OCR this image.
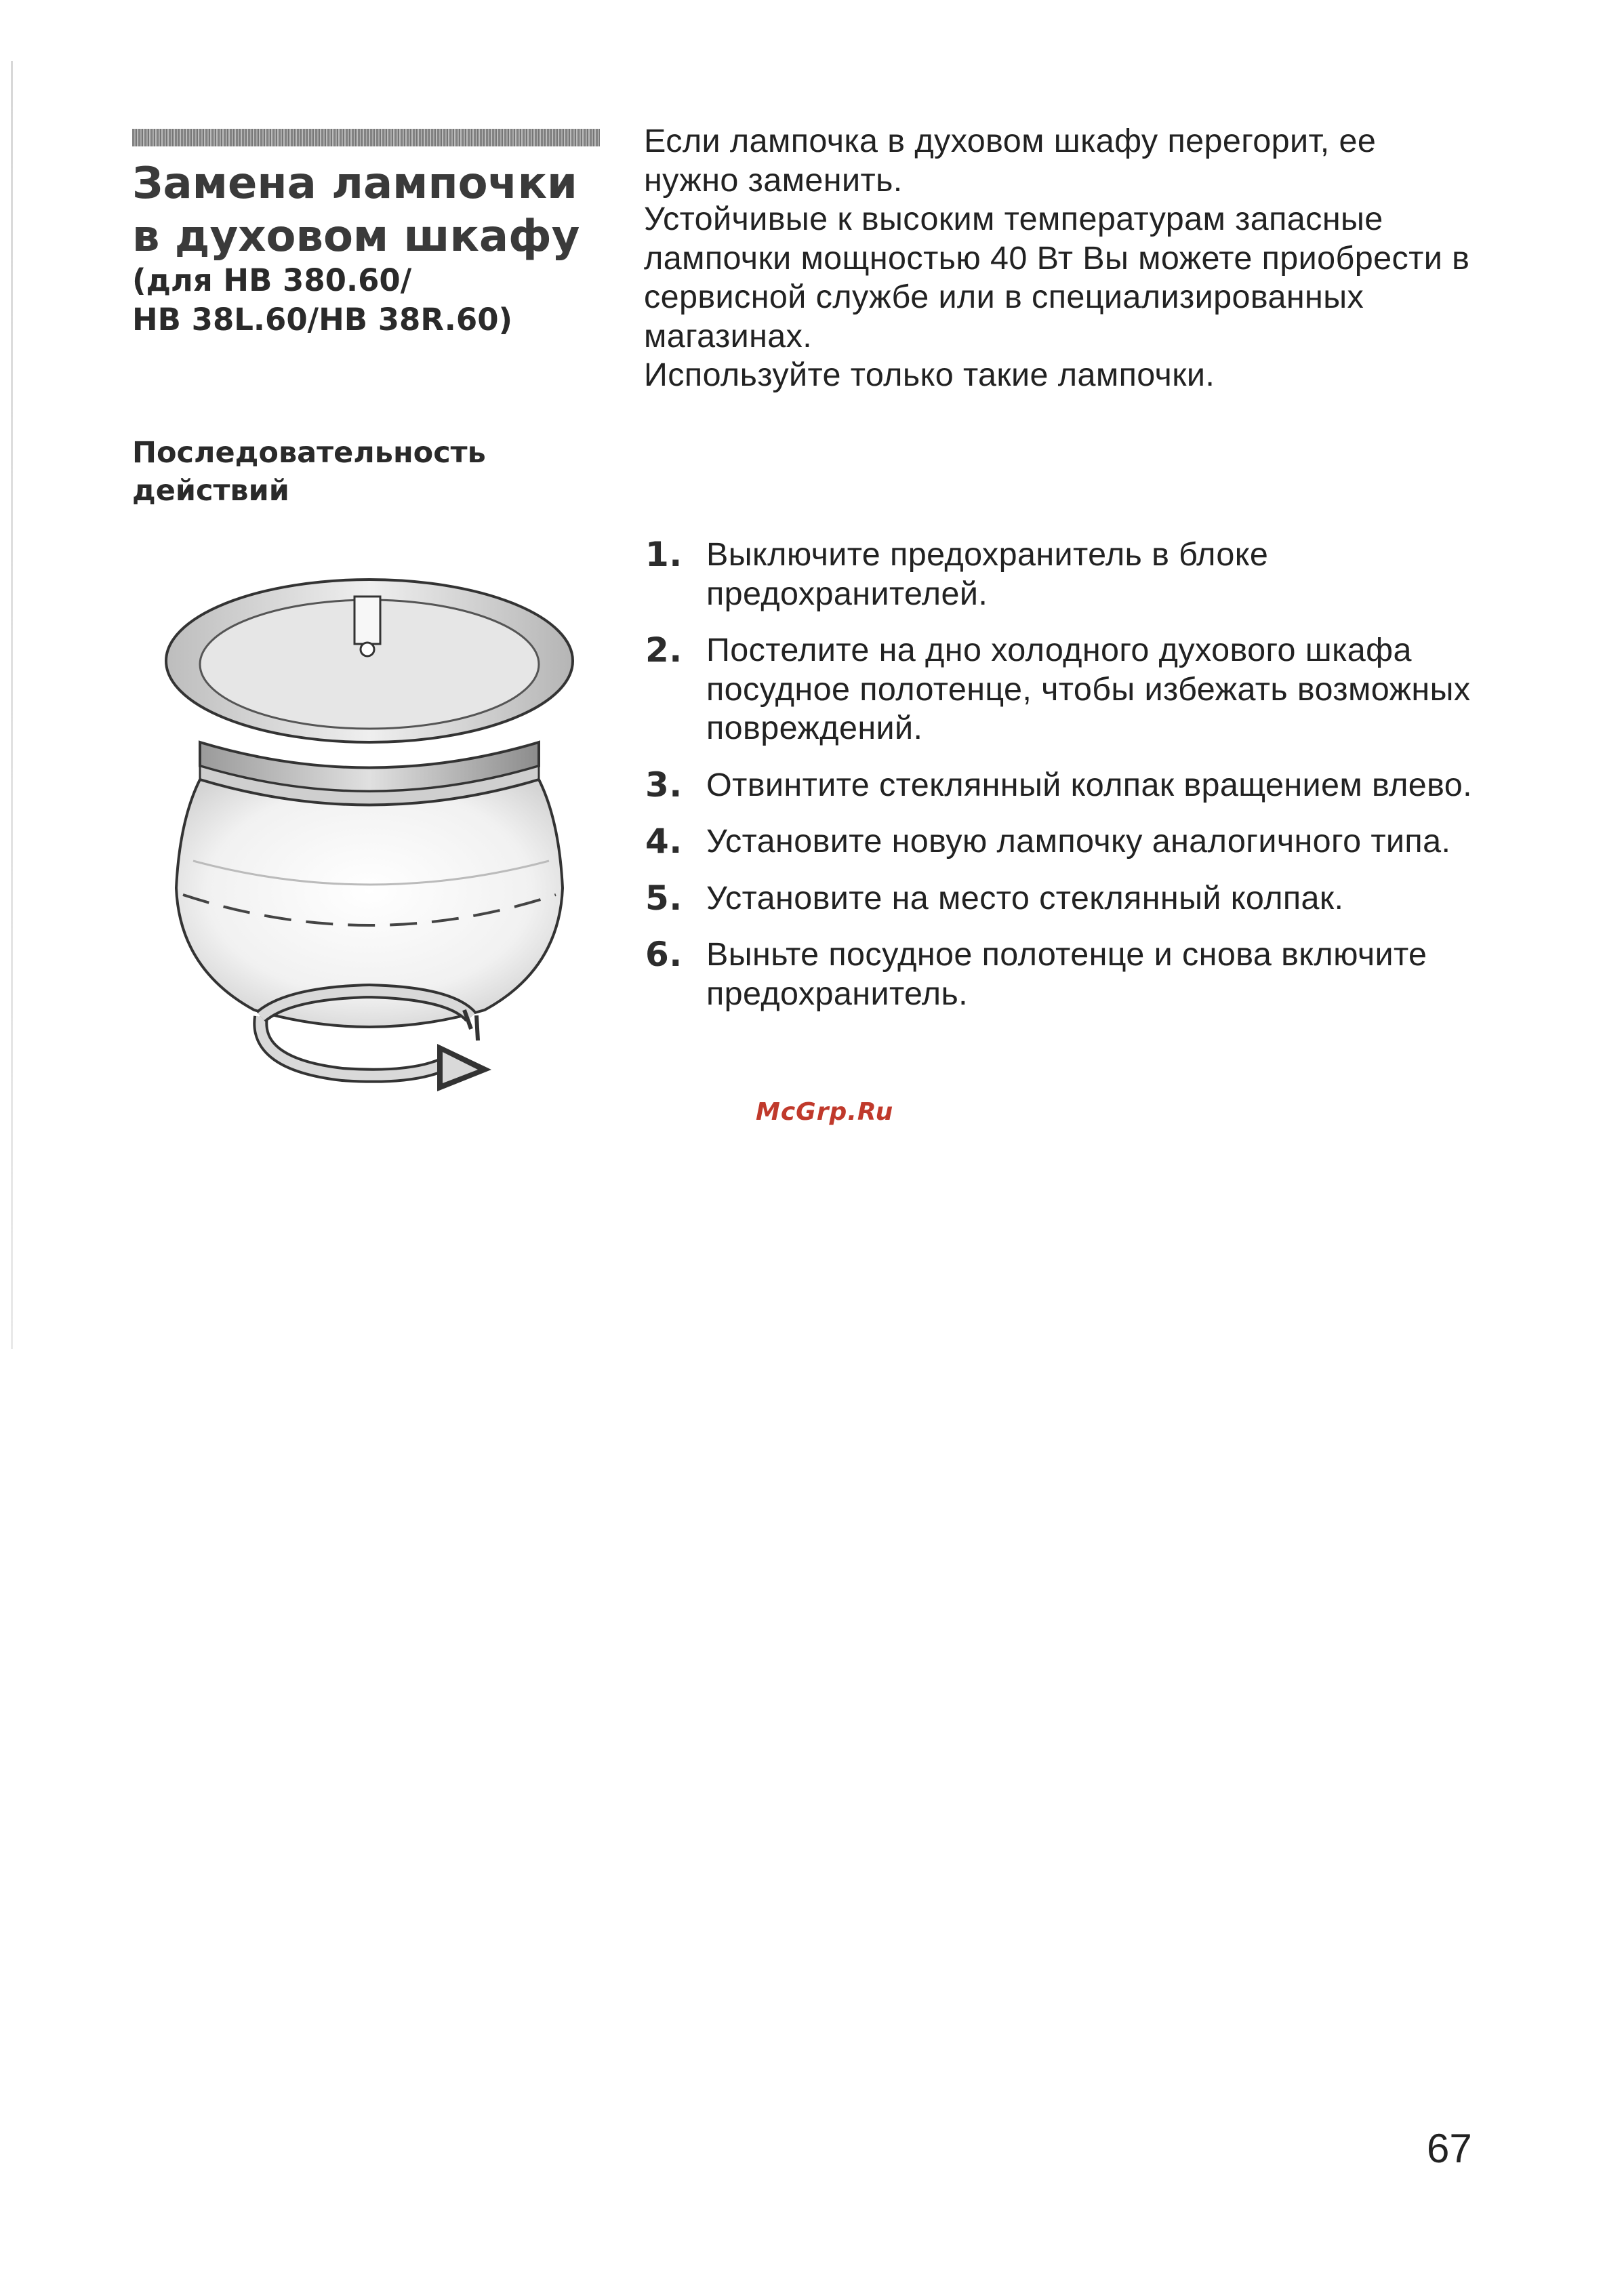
Замена лампочки
в духовом шкафу
(для HB 380.60/
HB 38L.60/HB 38R.60)
Последовательность
действий

Если лампочка в духовом шкафу перегорит, ее нужно заменить.

Устойчивые к высоким температурам запасные лампочки мощностью 40 Вт Вы можете приобрести в сервисной службе или в специализированных магазинах.

Используйте только такие лампочки.

1. Выключите предохранитель в блоке предохранителей.
2. Постелите на дно холодного духового шкафа посудное полотенце, чтобы избежать возможных повреждений.
3. Отвинтите стеклянный колпак вращением влево.
4. Установите новую лампочку аналогичного типа.
5. Установите на место стеклянный колпак.
6. Выньте посудное полотенце и снова включите предохранитель.
McGrp.Ru
67
